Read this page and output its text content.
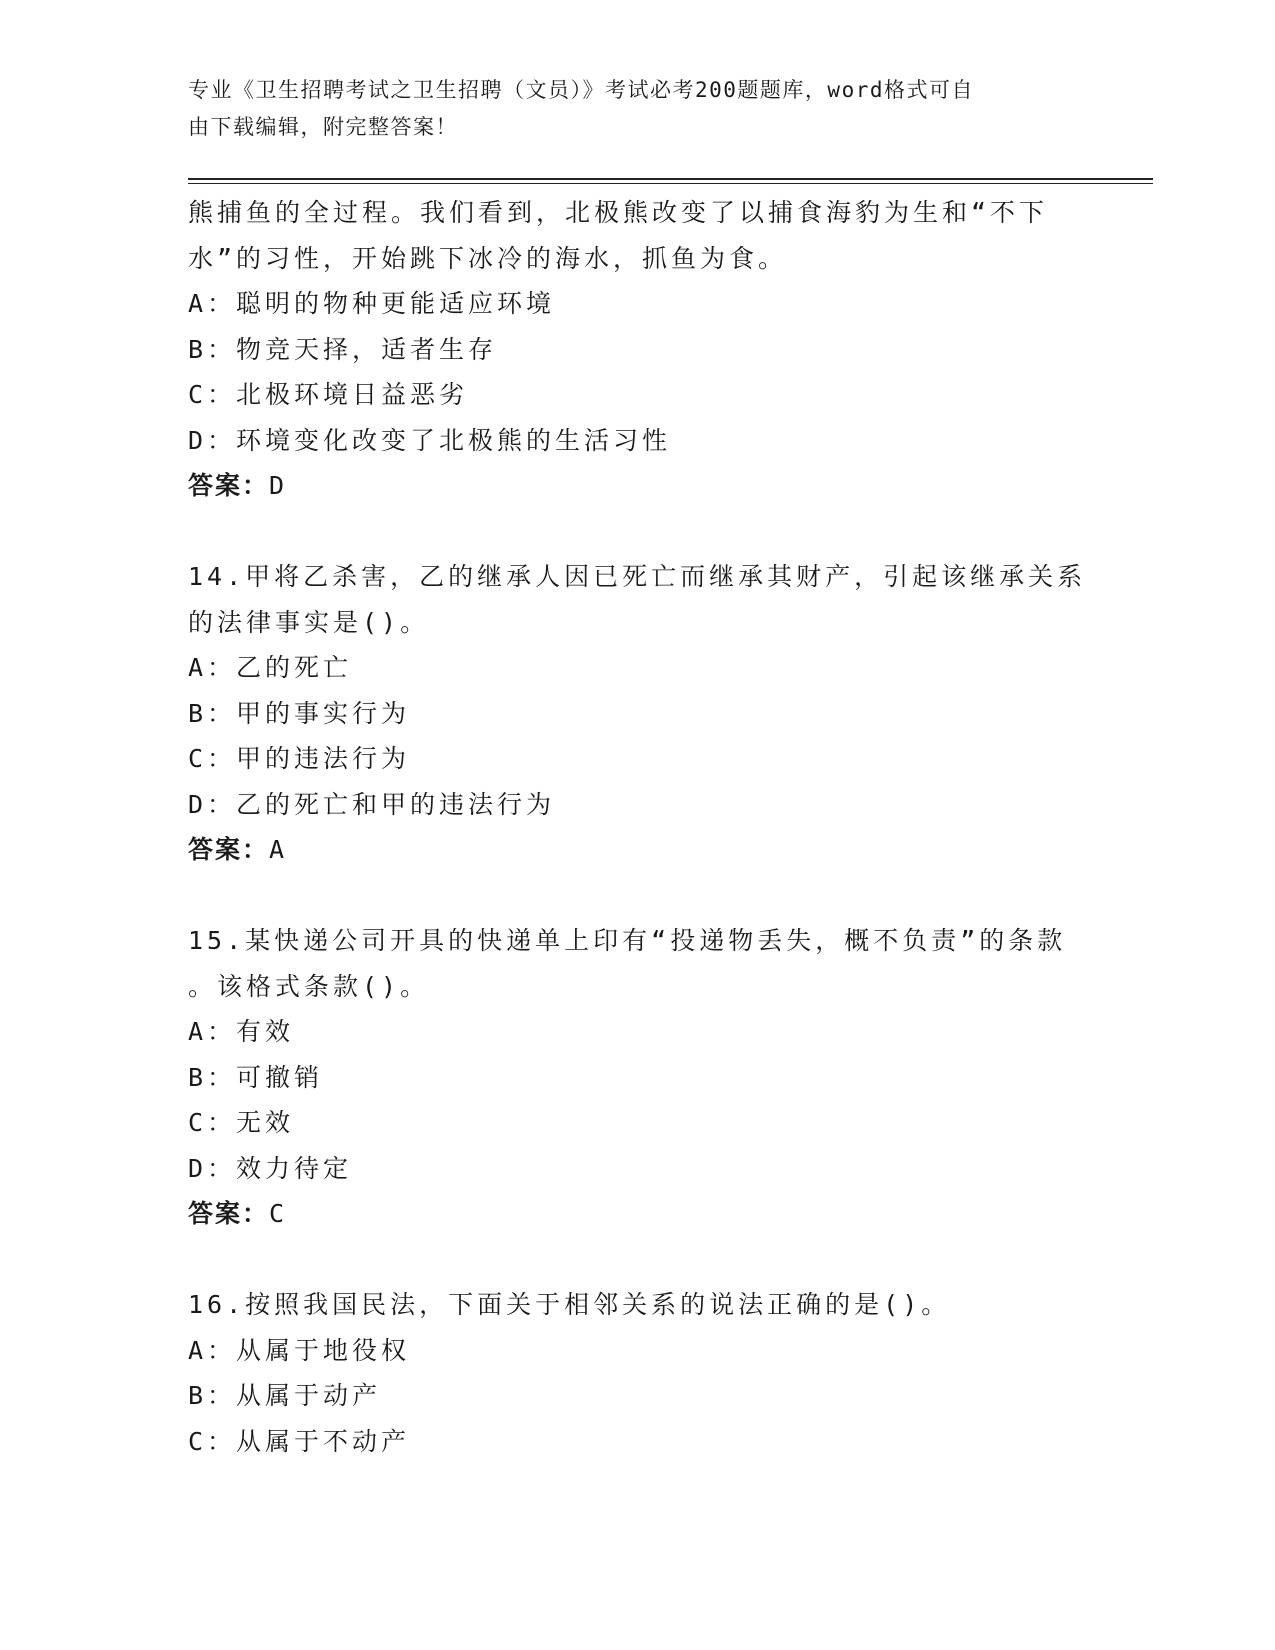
专业《卫生招聘考试之卫生招聘（文员）》考试必考200题题库，word格式可自
由下载编辑，附完整答案！
熊捕鱼的全过程。我们看到，北极熊改变了以捕食海豹为生和“不下
水”的习性，开始跳下冰冷的海水，抓鱼为食。
A：聪明的物种更能适应环境
B：物竞天择，适者生存
C：北极环境日益恶劣
D：环境变化改变了北极熊的生活习性
答案：D
14.甲将乙杀害，乙的继承人因已死亡而继承其财产，引起该继承关系
的法律事实是()。
A：乙的死亡
B：甲的事实行为
C：甲的违法行为
D：乙的死亡和甲的违法行为
答案：A
15.某快递公司开具的快递单上印有“投递物丢失，概不负责”的条款
。该格式条款()。
A：有效
B：可撤销
C：无效
D：效力待定
答案：C
16.按照我国民法，下面关于相邻关系的说法正确的是()。
A：从属于地役权
B：从属于动产
C：从属于不动产
